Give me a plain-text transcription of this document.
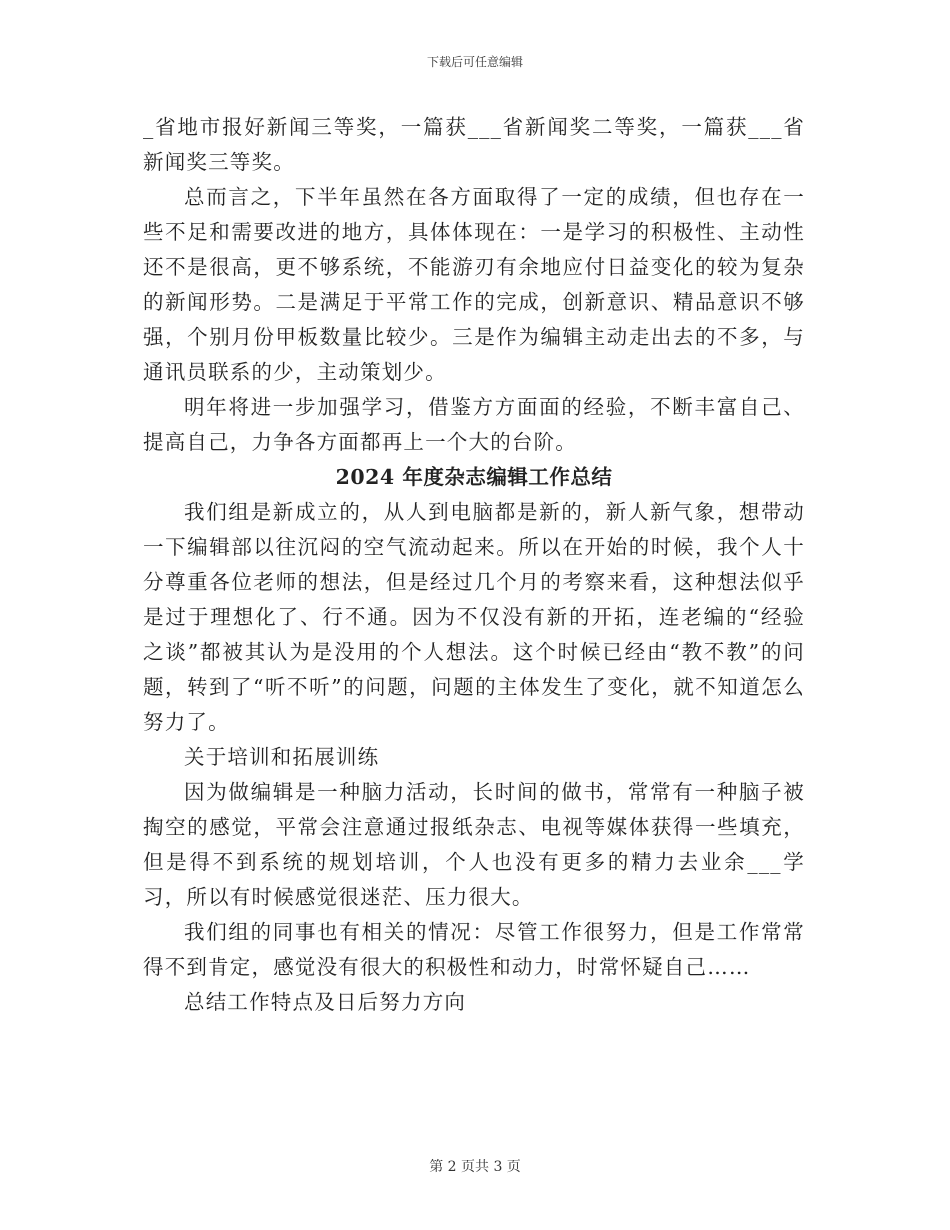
下载后可任意编辑

_省地市报好新闻三等奖，一篇获___省新闻奖二等奖，一篇获___省新闻奖三等奖。

总而言之，下半年虽然在各方面取得了一定的成绩，但也存在一些不足和需要改进的地方，具体体现在：一是学习的积极性、主动性还不是很高，更不够系统，不能游刃有余地应付日益变化的较为复杂的新闻形势。二是满足于平常工作的完成，创新意识、精品意识不够强，个别月份甲板数量比较少。三是作为编辑主动走出去的不多，与通讯员联系的少，主动策划少。

明年将进一步加强学习，借鉴方方面面的经验，不断丰富自己、提高自己，力争各方面都再上一个大的台阶。

2024 年度杂志编辑工作总结

我们组是新成立的，从人到电脑都是新的，新人新气象，想带动一下编辑部以往沉闷的空气流动起来。所以在开始的时候，我个人十分尊重各位老师的想法，但是经过几个月的考察来看，这种想法似乎是过于理想化了、行不通。因为不仅没有新的开拓，连老编的“经验之谈”都被其认为是没用的个人想法。这个时候已经由“教不教”的问题，转到了“听不听”的问题，问题的主体发生了变化，就不知道怎么努力了。

关于培训和拓展训练

因为做编辑是一种脑力活动，长时间的做书，常常有一种脑子被掏空的感觉，平常会注意通过报纸杂志、电视等媒体获得一些填充，但是得不到系统的规划培训，个人也没有更多的精力去业余___学习，所以有时候感觉很迷茫、压力很大。

我们组的同事也有相关的情况：尽管工作很努力，但是工作常常得不到肯定，感觉没有很大的积极性和动力，时常怀疑自己……

总结工作特点及日后努力方向

第 2 页共 3 页
